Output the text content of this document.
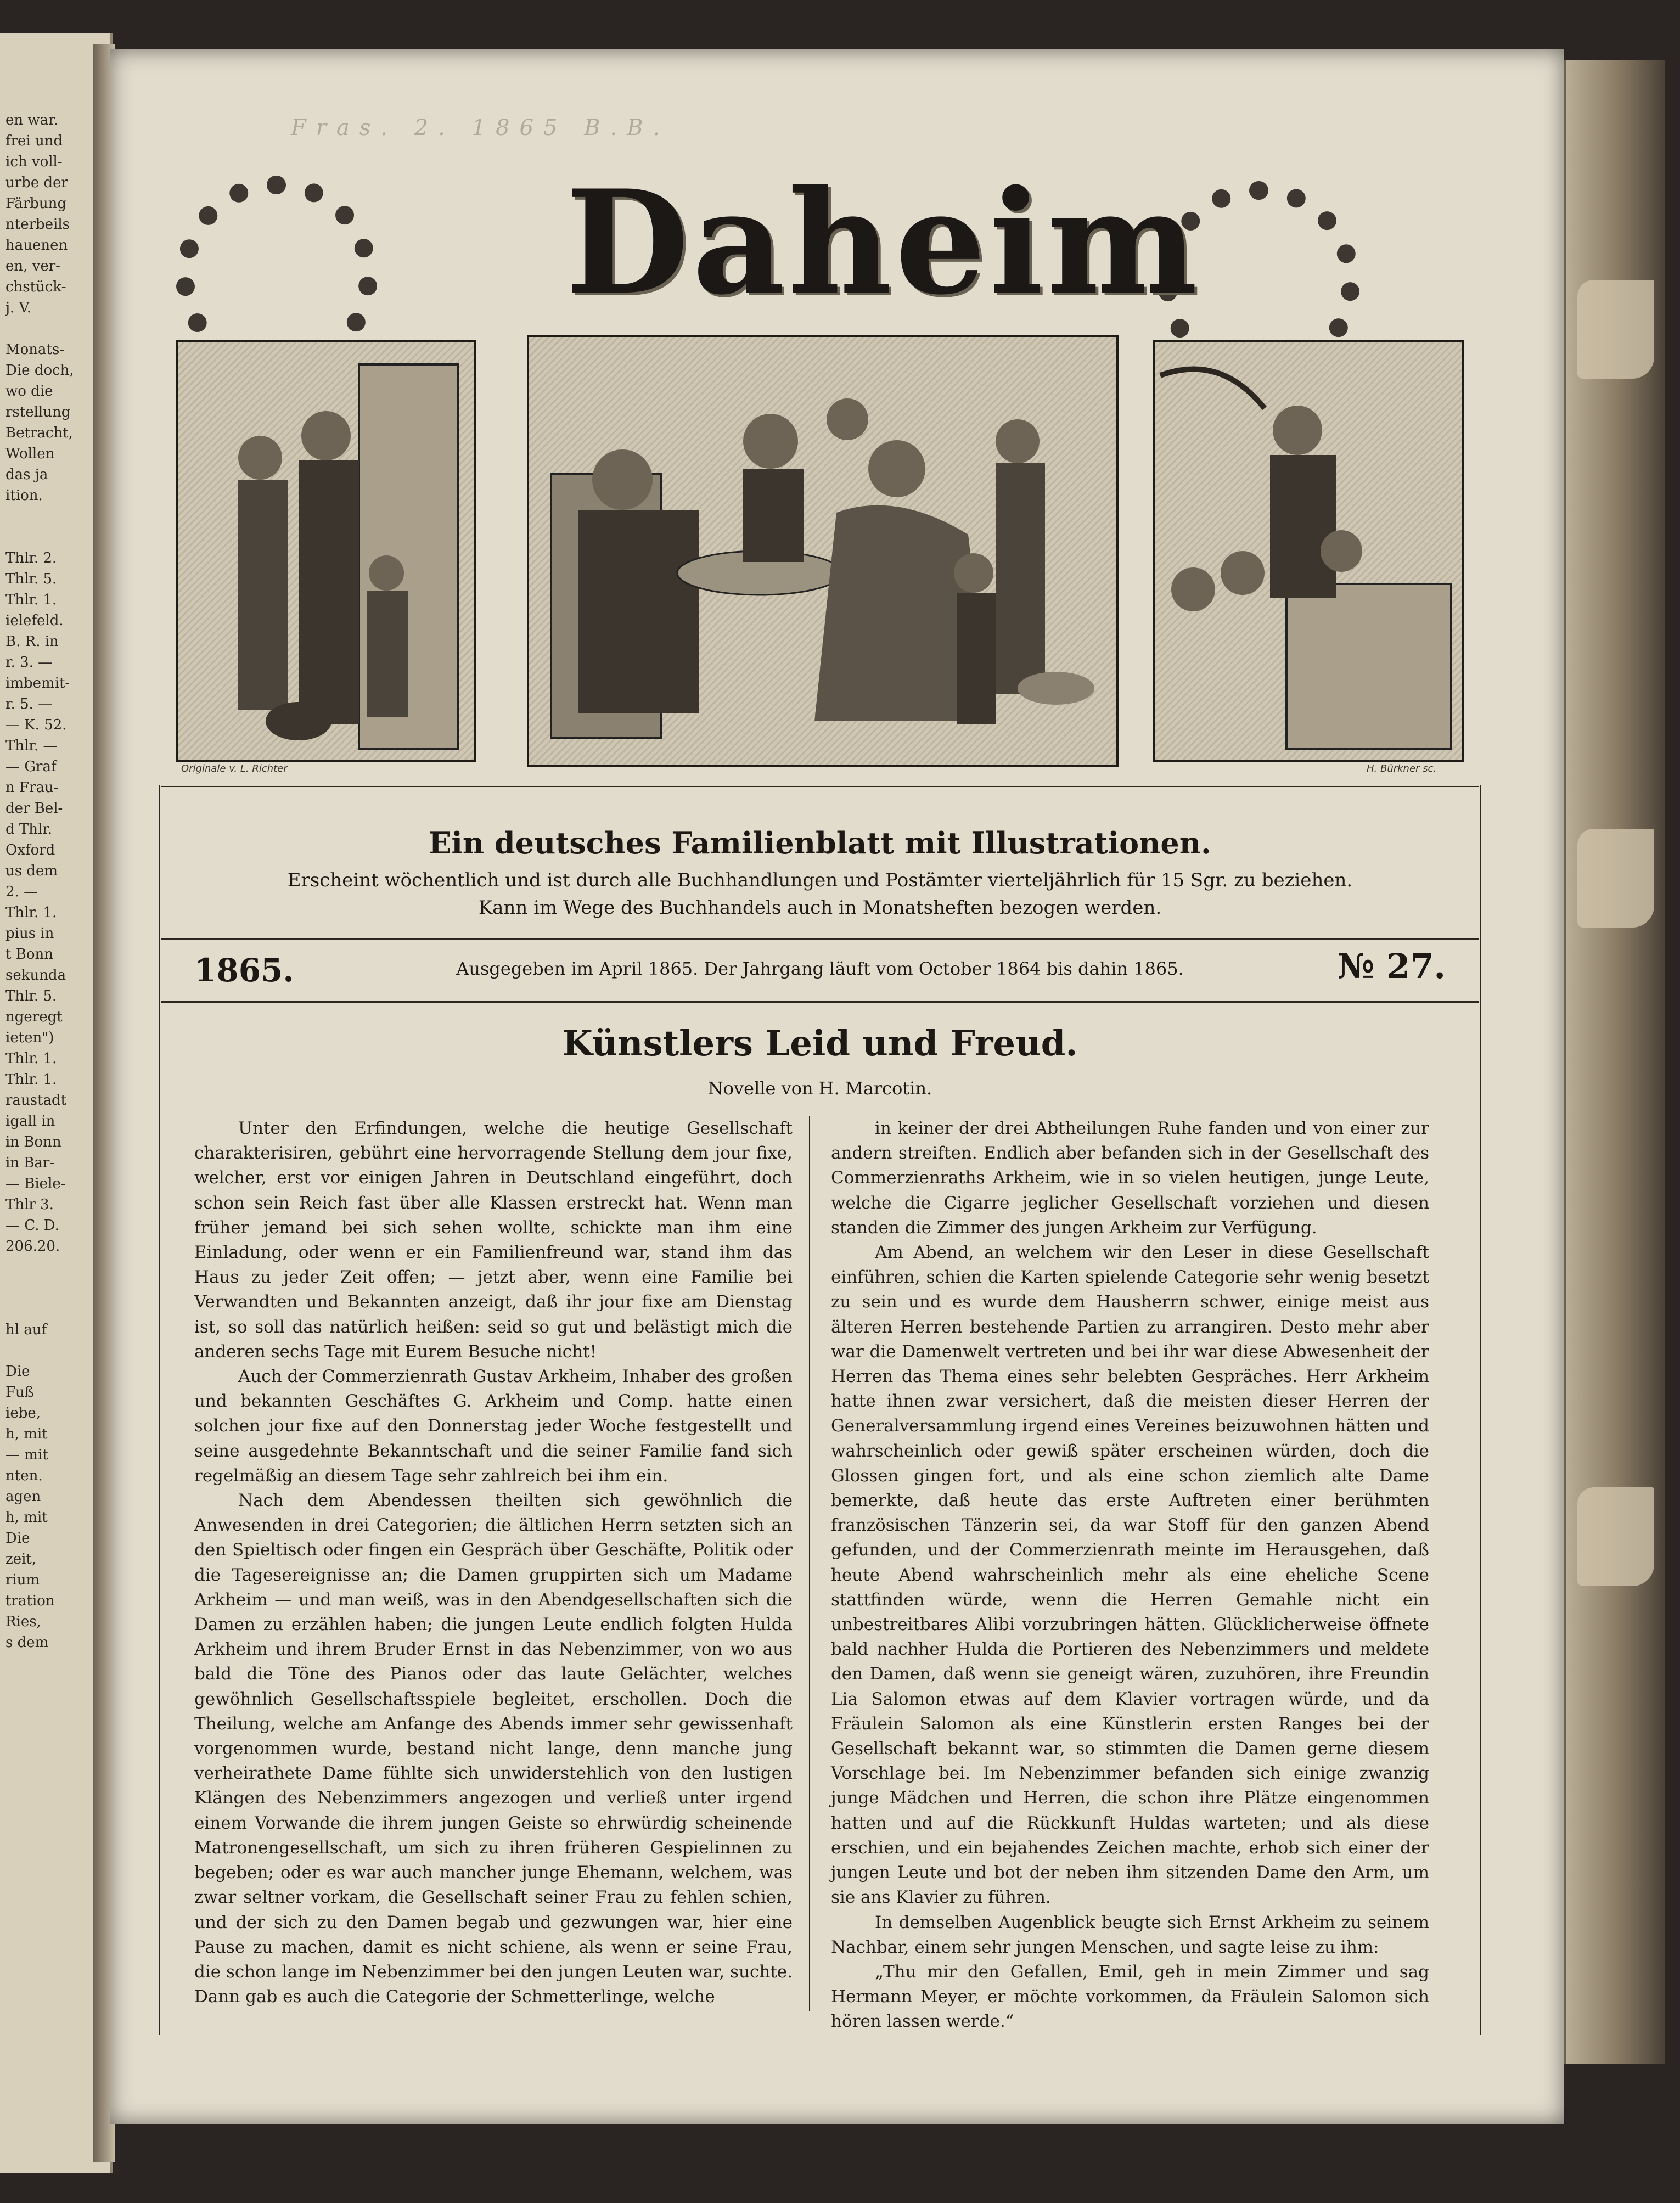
en war.
frei und
ich voll-
urbe der
Färbung
nterbeils
hauenen
en, ver-
chstück-
j. V.

Monats-
Die doch,
wo die
rstellung
Betracht,
Wollen
das ja
ition.

Thlr. 2.
Thlr. 5.
Thlr. 1.
ielefeld.
B. R. in
r. 3. —
imbemit-
r. 5. —
— K. 52.
Thlr. —
— Graf
n Frau-
der Bel-
d Thlr.
Oxford
us dem
2. —
Thlr. 1.
pius in
t Bonn
sekunda
Thlr. 5.
ngeregt
ieten")
Thlr. 1.
Thlr. 1.
raustadt
igall in
in Bonn
in Bar-
— Biele-
Thlr 3.
— C. D.
206.20.

hl auf

Die
Fuß
iebe,
h, mit
— mit
nten.
agen
h, mit
Die
zeit,
rium
tration
Ries,
s dem
Fras. 2. 1865 B.B.
Daheim
Originale v. L. Richter	H. Bürkner sc.
Ein deutsches Familienblatt mit Illustrationen.
Erscheint wöchentlich und ist durch alle Buchhandlungen und Postämter vierteljährlich für 15 Sgr. zu beziehen.
Kann im Wege des Buchhandels auch in Monatsheften bezogen werden.
1865.	Ausgegeben im April 1865. Der Jahrgang läuft vom October 1864 bis dahin 1865.	№ 27.
Künstlers Leid und Freud.
Novelle von H. Marcotin.

Unter den Erfindungen, welche die heutige Gesellschaft charakterisiren, gebührt eine hervorragende Stellung dem jour fixe, welcher, erst vor einigen Jahren in Deutschland eingeführt, doch schon sein Reich fast über alle Klassen erstreckt hat. Wenn man früher jemand bei sich sehen wollte, schickte man ihm eine Einladung, oder wenn er ein Familienfreund war, stand ihm das Haus zu jeder Zeit offen; — jetzt aber, wenn eine Familie bei Verwandten und Bekannten anzeigt, daß ihr jour fixe am Dienstag ist, so soll das natürlich heißen: seid so gut und belästigt mich die anderen sechs Tage mit Eurem Besuche nicht!

Auch der Commerzienrath Gustav Arkheim, Inhaber des großen und bekannten Geschäftes G. Arkheim und Comp. hatte einen solchen jour fixe auf den Donnerstag jeder Woche festgestellt und seine ausgedehnte Bekanntschaft und die seiner Familie fand sich regelmäßig an diesem Tage sehr zahlreich bei ihm ein.

Nach dem Abendessen theilten sich gewöhnlich die Anwesenden in drei Categorien; die ältlichen Herrn setzten sich an den Spieltisch oder fingen ein Gespräch über Geschäfte, Politik oder die Tagesereignisse an; die Damen gruppirten sich um Madame Arkheim — und man weiß, was in den Abendgesellschaften sich die Damen zu erzählen haben; die jungen Leute endlich folgten Hulda Arkheim und ihrem Bruder Ernst in das Nebenzimmer, von wo aus bald die Töne des Pianos oder das laute Gelächter, welches gewöhnlich Gesellschaftsspiele begleitet, erschollen. Doch die Theilung, welche am Anfange des Abends immer sehr gewissenhaft vorgenommen wurde, bestand nicht lange, denn manche jung verheirathete Dame fühlte sich unwiderstehlich von den lustigen Klängen des Nebenzimmers angezogen und verließ unter irgend einem Vorwande die ihrem jungen Geiste so ehrwürdig scheinende Matronengesellschaft, um sich zu ihren früheren Gespielinnen zu begeben; oder es war auch mancher junge Ehemann, welchem, was zwar seltner vorkam, die Gesellschaft seiner Frau zu fehlen schien, und der sich zu den Damen begab und gezwungen war, hier eine Pause zu machen, damit es nicht schiene, als wenn er seine Frau, die schon lange im Nebenzimmer bei den jungen Leuten war, suchte. Dann gab es auch die Categorie der Schmetterlinge, welche

in keiner der drei Abtheilungen Ruhe fanden und von einer zur andern streiften. Endlich aber befanden sich in der Gesellschaft des Commerzienraths Arkheim, wie in so vielen heutigen, junge Leute, welche die Cigarre jeglicher Gesellschaft vorziehen und diesen standen die Zimmer des jungen Arkheim zur Verfügung.

Am Abend, an welchem wir den Leser in diese Gesellschaft einführen, schien die Karten spielende Categorie sehr wenig besetzt zu sein und es wurde dem Hausherrn schwer, einige meist aus älteren Herren bestehende Partien zu arrangiren. Desto mehr aber war die Damenwelt vertreten und bei ihr war diese Abwesenheit der Herren das Thema eines sehr belebten Gespräches. Herr Arkheim hatte ihnen zwar versichert, daß die meisten dieser Herren der Generalversammlung irgend eines Vereines beizuwohnen hätten und wahrscheinlich oder gewiß später erscheinen würden, doch die Glossen gingen fort, und als eine schon ziemlich alte Dame bemerkte, daß heute das erste Auftreten einer berühmten französischen Tänzerin sei, da war Stoff für den ganzen Abend gefunden, und der Commerzienrath meinte im Herausgehen, daß heute Abend wahrscheinlich mehr als eine eheliche Scene stattfinden würde, wenn die Herren Gemahle nicht ein unbestreitbares Alibi vorzubringen hätten. Glücklicherweise öffnete bald nachher Hulda die Portieren des Nebenzimmers und meldete den Damen, daß wenn sie geneigt wären, zuzuhören, ihre Freundin Lia Salomon etwas auf dem Klavier vortragen würde, und da Fräulein Salomon als eine Künstlerin ersten Ranges bei der Gesellschaft bekannt war, so stimmten die Damen gerne diesem Vorschlage bei. Im Nebenzimmer befanden sich einige zwanzig junge Mädchen und Herren, die schon ihre Plätze eingenommen hatten und auf die Rückkunft Huldas warteten; und als diese erschien, und ein bejahendes Zeichen machte, erhob sich einer der jungen Leute und bot der neben ihm sitzenden Dame den Arm, um sie ans Klavier zu führen.

In demselben Augenblick beugte sich Ernst Arkheim zu seinem Nachbar, einem sehr jungen Menschen, und sagte leise zu ihm:

„Thu mir den Gefallen, Emil, geh in mein Zimmer und sag Hermann Meyer, er möchte vorkommen, da Fräulein Salomon sich hören lassen werde.“
